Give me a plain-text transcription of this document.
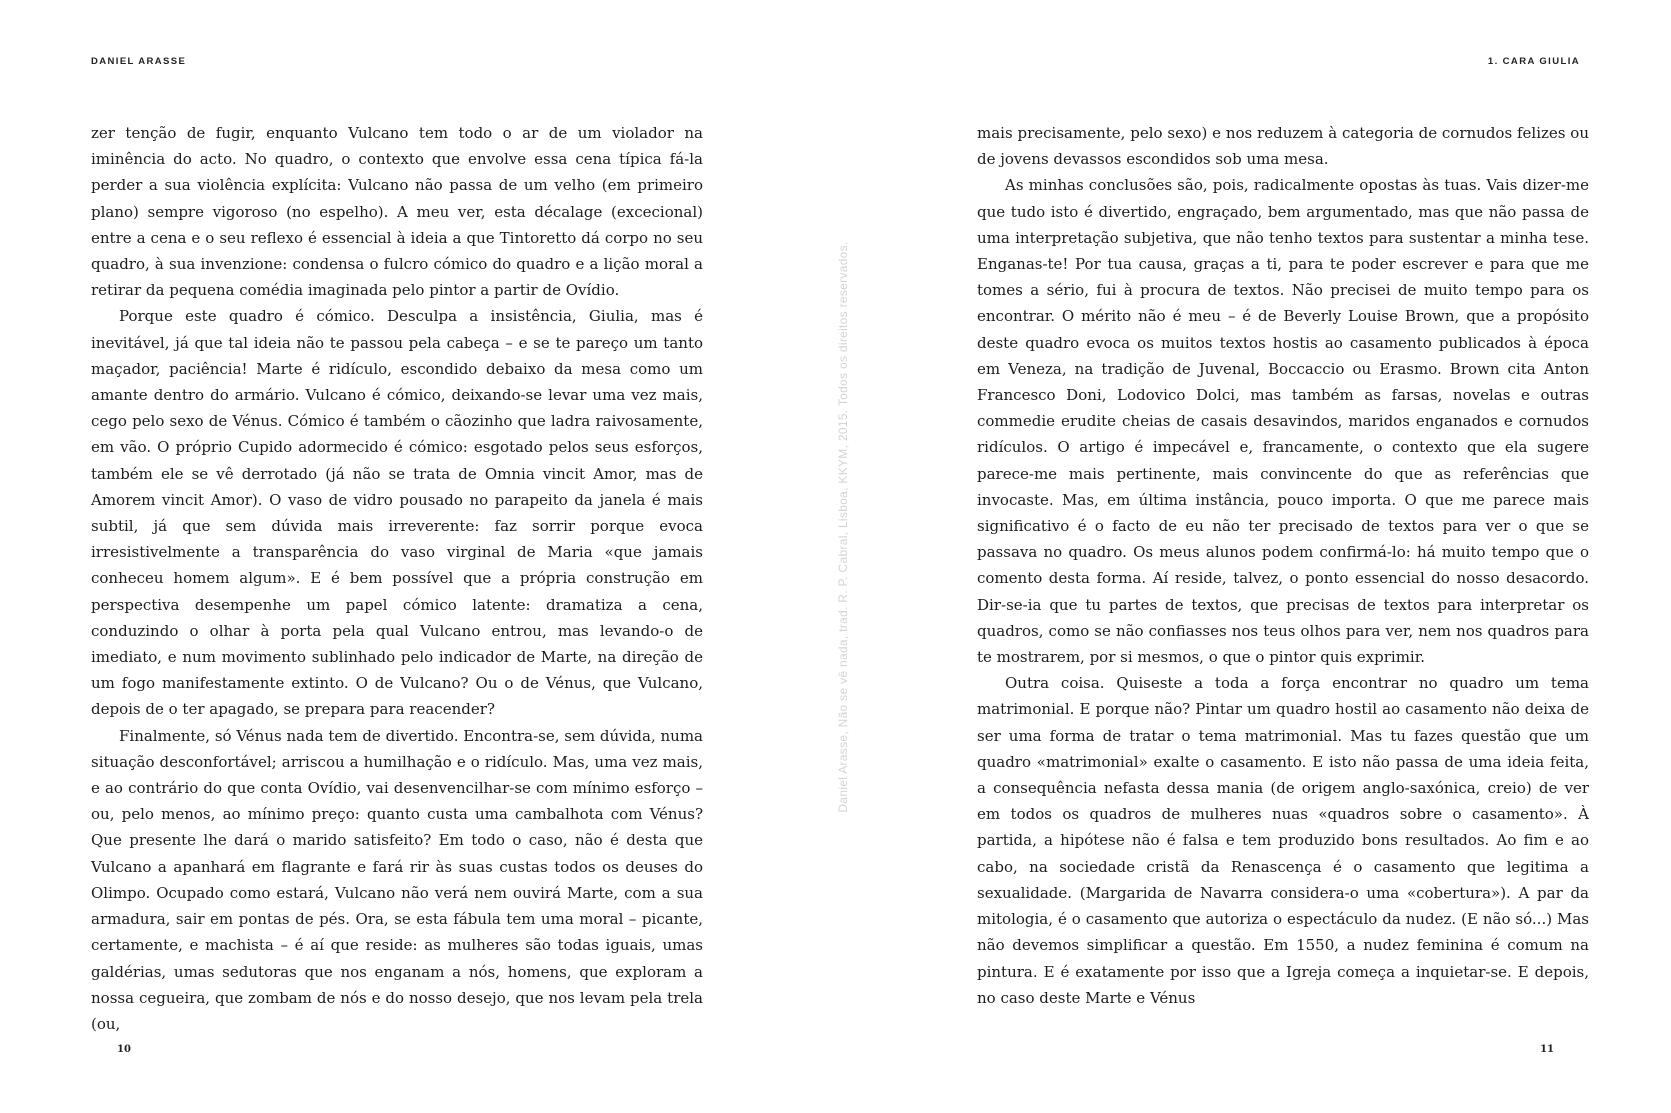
DANIEL ARASSE

zer tenção de fugir, enquanto Vulcano tem todo o ar de um violador na iminência do acto. No quadro, o contexto que envolve essa cena típica fá-la perder a sua violência explícita: Vulcano não passa de um velho (em primeiro plano) sempre vigoroso (no espelho). A meu ver, esta décalage (excecional) entre a cena e o seu reflexo é essencial à ideia a que Tintoretto dá corpo no seu quadro, à sua invenzione: condensa o fulcro cómico do quadro e a lição moral a retirar da pequena comédia imaginada pelo pintor a partir de Ovídio.

Porque este quadro é cómico. Desculpa a insistência, Giulia, mas é inevitável, já que tal ideia não te passou pela cabeça – e se te pareço um tanto maçador, paciência! Marte é ridículo, escondido debaixo da mesa como um amante dentro do armário. Vulcano é cómico, deixando-se levar uma vez mais, cego pelo sexo de Vénus. Cómico é também o cãozinho que ladra raivosamente, em vão. O próprio Cupido adormecido é cómico: esgotado pelos seus esforços, também ele se vê derrotado (já não se trata de Omnia vincit Amor, mas de Amorem vincit Amor). O vaso de vidro pousado no parapeito da janela é mais subtil, já que sem dúvida mais irreverente: faz sorrir porque evoca irresistivelmente a transparência do vaso virginal de Maria «que jamais conheceu homem algum». E é bem possível que a própria construção em perspectiva desempenhe um papel cómico latente: dramatiza a cena, conduzindo o olhar à porta pela qual Vulcano entrou, mas levando-o de imediato, e num movimento sublinhado pelo indicador de Marte, na direção de um fogo manifestamente extinto. O de Vulcano? Ou o de Vénus, que Vulcano, depois de o ter apagado, se prepara para reacender?

Finalmente, só Vénus nada tem de divertido. Encontra-se, sem dúvida, numa situação desconfortável; arriscou a humilhação e o ridículo. Mas, uma vez mais, e ao contrário do que conta Ovídio, vai desenvencilhar-se com mínimo esforço – ou, pelo menos, ao mínimo preço: quanto custa uma cambalhota com Vénus? Que presente lhe dará o marido satisfeito? Em todo o caso, não é desta que Vulcano a apanhará em flagrante e fará rir às suas custas todos os deuses do Olimpo. Ocupado como estará, Vulcano não verá nem ouvirá Marte, com a sua armadura, sair em pontas de pés. Ora, se esta fábula tem uma moral – picante, certamente, e machista – é aí que reside: as mulheres são todas iguais, umas galdérias, umas sedutoras que nos enganam a nós, homens, que exploram a nossa cegueira, que zombam de nós e do nosso desejo, que nos levam pela trela (ou,

10
Daniel Arasse, Não se vê nada, trad. R. P. Cabral, Lisboa, KKYM, 2015. Todos os direitos reservados.
1. CARA GIULIA

mais precisamente, pelo sexo) e nos reduzem à categoria de cornudos felizes ou de jovens devassos escondidos sob uma mesa.

As minhas conclusões são, pois, radicalmente opostas às tuas. Vais dizer-me que tudo isto é divertido, engraçado, bem argumentado, mas que não passa de uma interpretação subjetiva, que não tenho textos para sustentar a minha tese. Enganas-te! Por tua causa, graças a ti, para te poder escrever e para que me tomes a sério, fui à procura de textos. Não precisei de muito tempo para os encontrar. O mérito não é meu – é de Beverly Louise Brown, que a propósito deste quadro evoca os muitos textos hostis ao casamento publicados à época em Veneza, na tradição de Juvenal, Boccaccio ou Erasmo. Brown cita Anton Francesco Doni, Lodovico Dolci, mas também as farsas, novelas e outras commedie erudite cheias de casais desavindos, maridos enganados e cornudos ridículos. O artigo é impecável e, francamente, o contexto que ela sugere parece-me mais pertinente, mais convincente do que as referências que invocaste. Mas, em última instância, pouco importa. O que me parece mais significativo é o facto de eu não ter precisado de textos para ver o que se passava no quadro. Os meus alunos podem confirmá-lo: há muito tempo que o comento desta forma. Aí reside, talvez, o ponto essencial do nosso desacordo. Dir-se-ia que tu partes de textos, que precisas de textos para interpretar os quadros, como se não confiasses nos teus olhos para ver, nem nos quadros para te mostrarem, por si mesmos, o que o pintor quis exprimir.

Outra coisa. Quiseste a toda a força encontrar no quadro um tema matrimonial. E porque não? Pintar um quadro hostil ao casamento não deixa de ser uma forma de tratar o tema matrimonial. Mas tu fazes questão que um quadro «matrimonial» exalte o casamento. E isto não passa de uma ideia feita, a consequência nefasta dessa mania (de origem anglo-saxónica, creio) de ver em todos os quadros de mulheres nuas «quadros sobre o casamento». À partida, a hipótese não é falsa e tem produzido bons resultados. Ao fim e ao cabo, na sociedade cristã da Renascença é o casamento que legitima a sexualidade. (Margarida de Navarra considera-o uma «cobertura»). A par da mitologia, é o casamento que autoriza o espectáculo da nudez. (E não só...) Mas não devemos simplificar a questão. Em 1550, a nudez feminina é comum na pintura. E é exatamente por isso que a Igreja começa a inquietar-se. E depois, no caso deste Marte e Vénus

11
